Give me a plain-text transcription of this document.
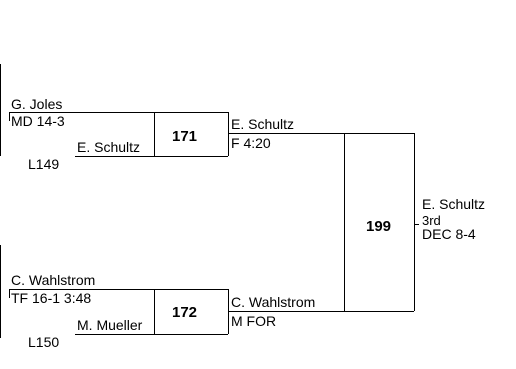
G. Joles
MD 14-3
L149
E. Schultz
171
E. Schultz
F 4:20
C. Wahlstrom
TF 16-1 3:48
L150
M. Mueller
172
C. Wahlstrom
M FOR
199
E. Schultz
3rd
DEC 8-4
